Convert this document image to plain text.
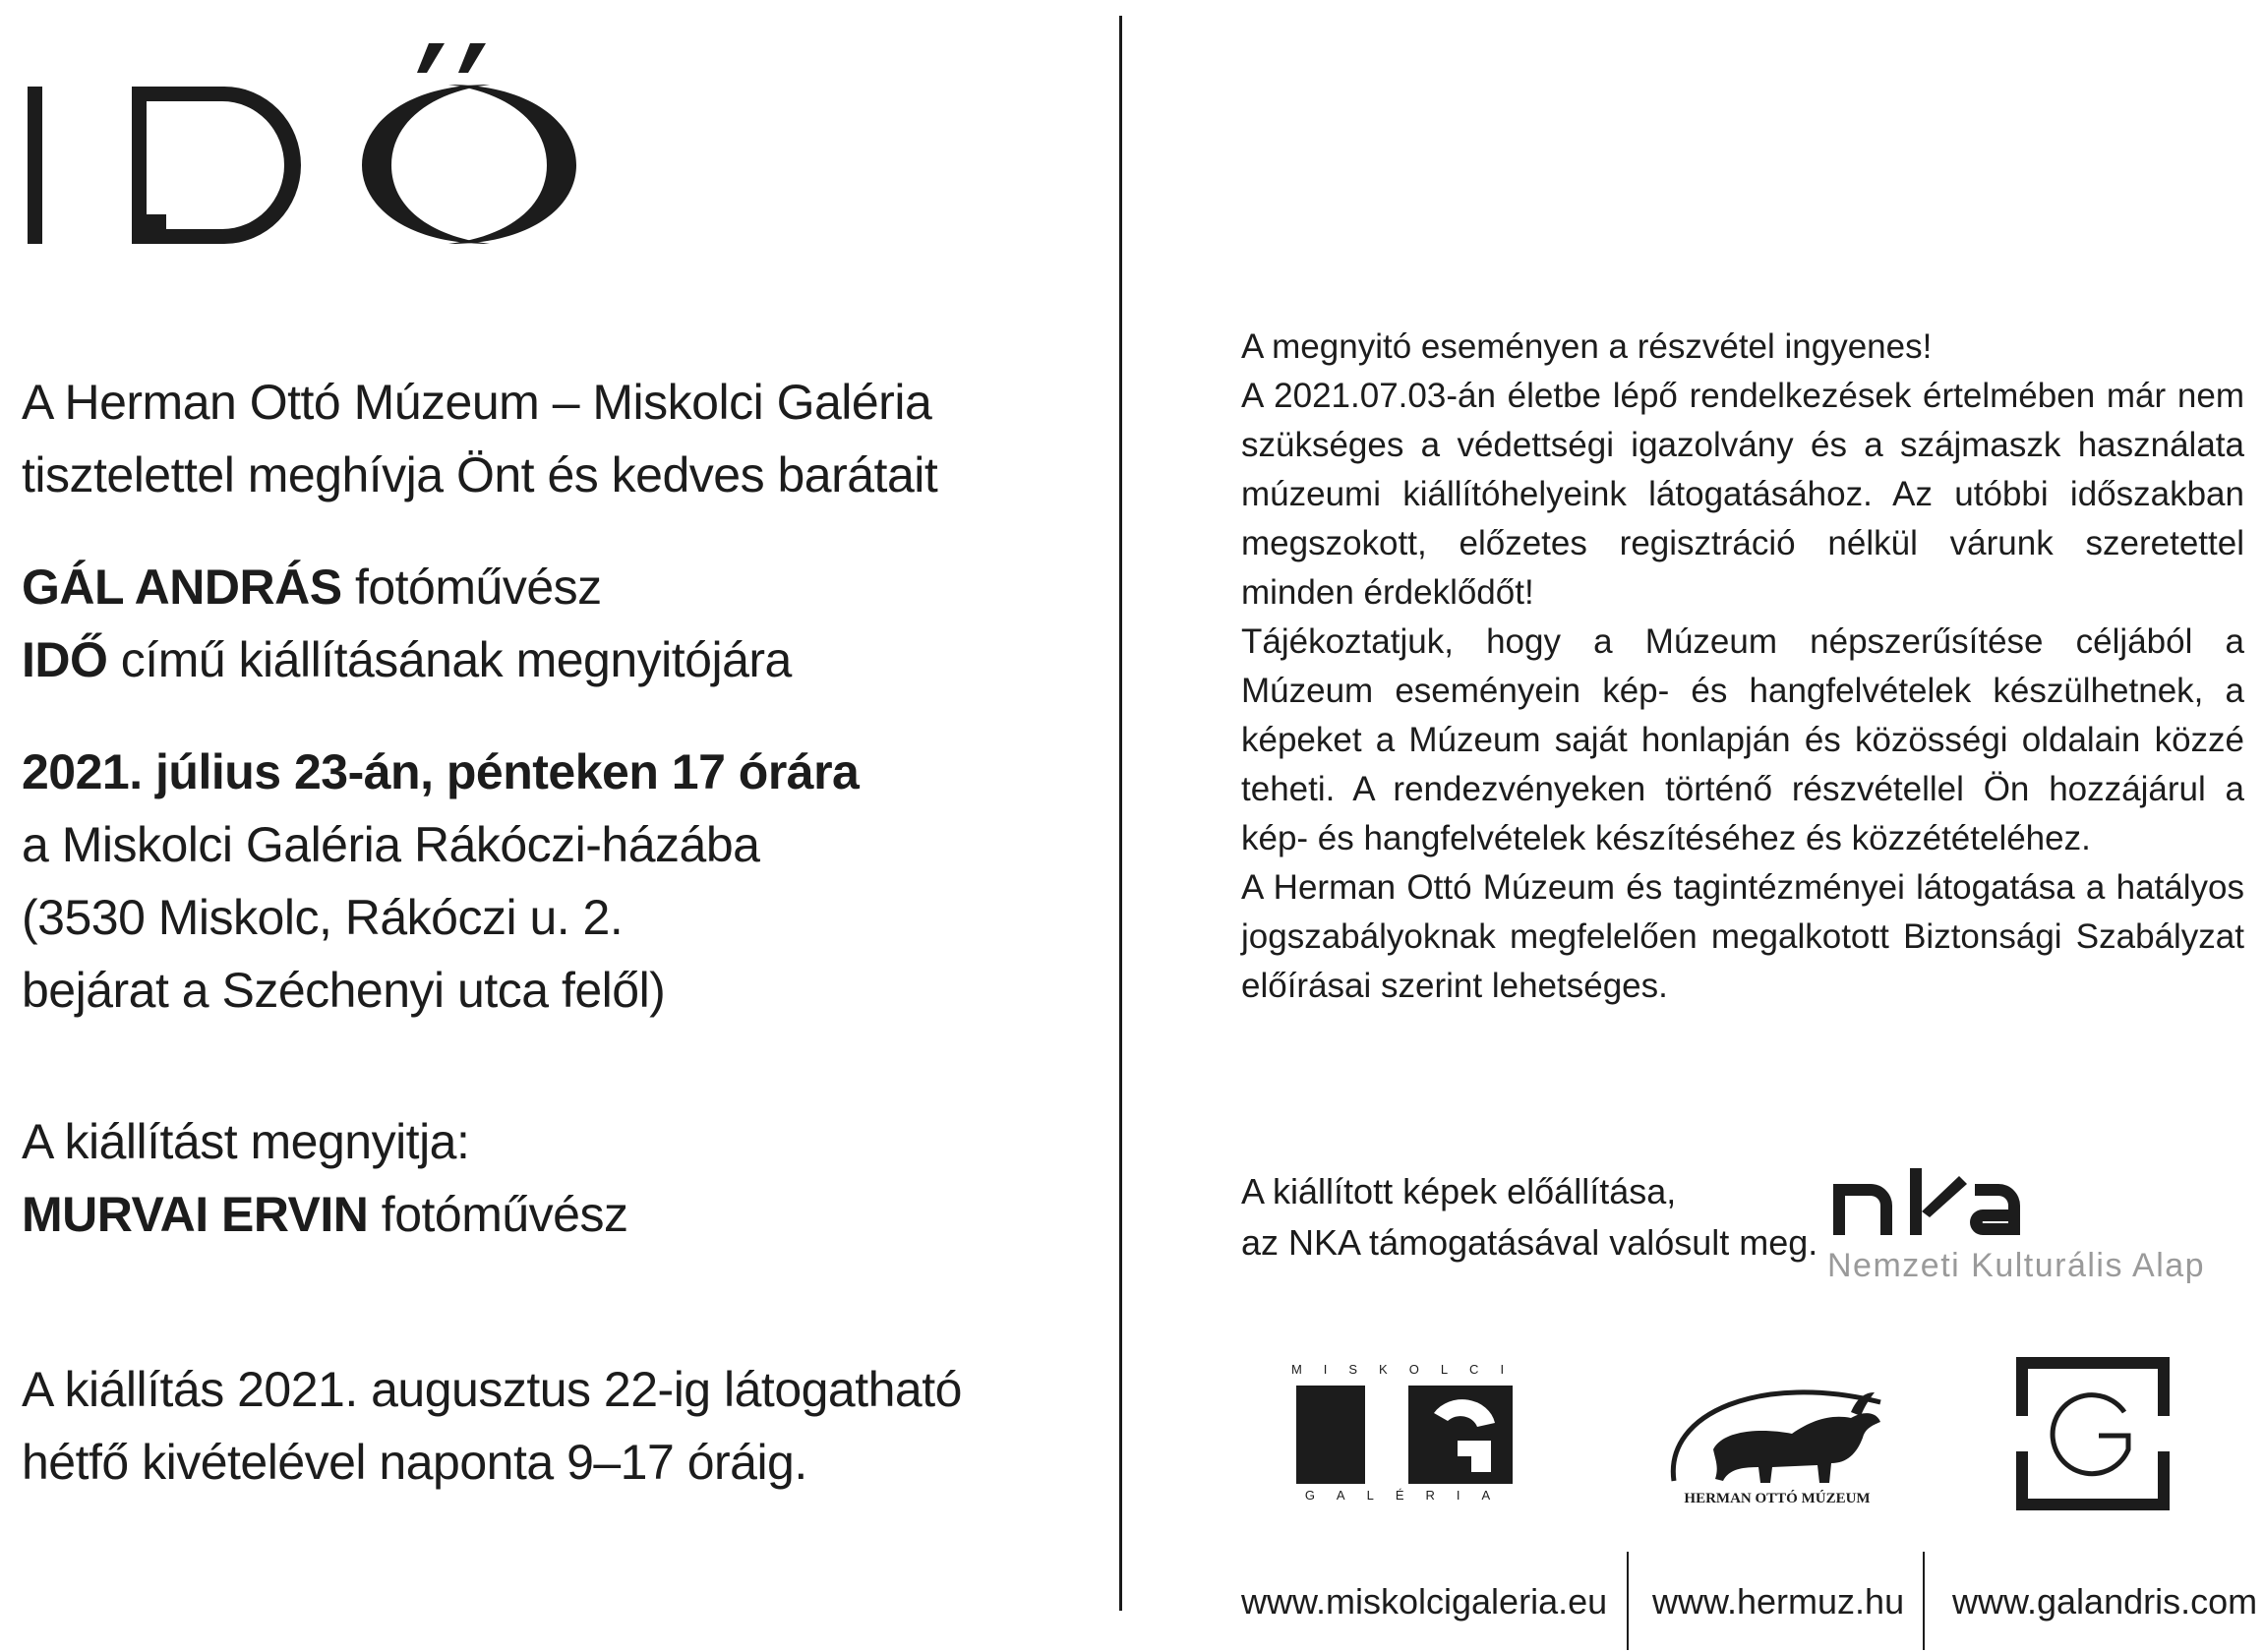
A Herman Ottó Múzeum – Miskolci Galéria
tisztelettel meghívja Önt és kedves barátait
GÁL ANDRÁS fotóművész
IDŐ című kiállításának megnyitójára
2021. július 23-án, pénteken 17 órára
a Miskolci Galéria Rákóczi-házába
(3530 Miskolc, Rákóczi u. 2.
bejárat a Széchenyi utca felől)
A kiállítást megnyitja:
MURVAI ERVIN fotóművész
A kiállítás 2021. augusztus 22-ig látogatható
hétfő kivételével naponta 9–17 óráig.

A megnyitó eseményen a részvétel ingyenes!

A 2021.07.03-án életbe lépő rendelkezések értelmében már nem szükséges a védettségi igazolvány és a szájmaszk használata múzeumi kiállítóhelyeink látogatásához. Az utóbbi időszakban megszokott, előzetes regisztráció nélkül várunk szeretettel minden érdeklődőt!

Tájékoztatjuk, hogy a Múzeum népszerűsítése céljából a Múzeum eseményein kép- és hangfelvételek készülhetnek, a képeket a Múzeum saját honlapján és közösségi oldalain közzé teheti. A rendezvényeken történő részvétellel Ön hozzájárul a kép- és hangfelvételek készítéséhez és közzétételéhez.

A Herman Ottó Múzeum és tagintézményei látogatása a hatályos jogszabályoknak megfelelően megalkotott Biztonsági Szabályzat előírásai szerint lehetséges.

A kiállított képek előállítása,
az NKA támogatásával valósult meg.
Nemzeti Kulturális Alap
MISKOLCI
GALÉRIA	HERMAN OTTÓ MÚZEUM
www.miskolcigaleria.eu www.hermuz.hu www.galandris.com
